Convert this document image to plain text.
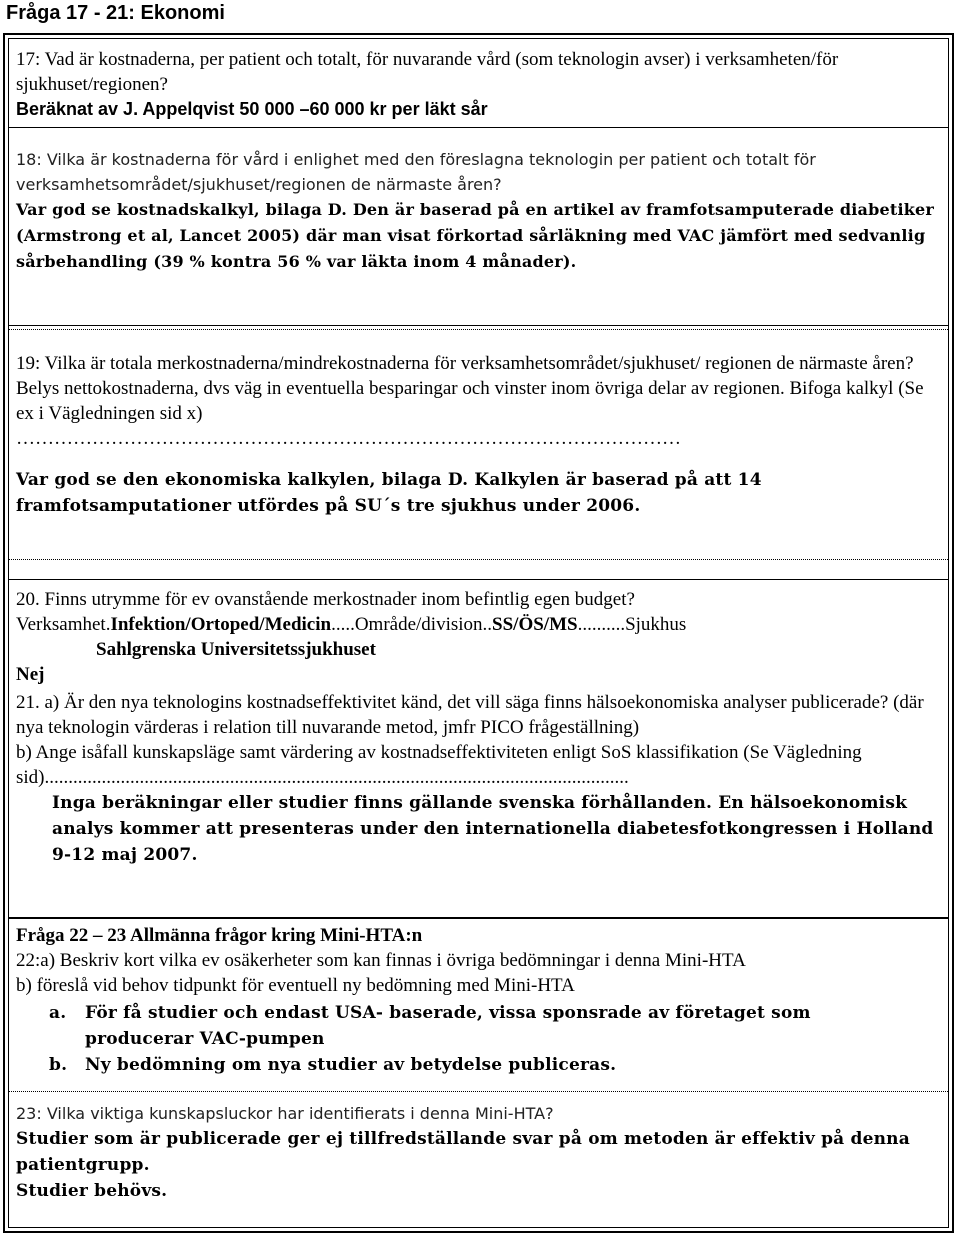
Fråga 17 - 21: Ekonomi

17: Vad är kostnaderna, per patient och totalt, för nuvarande vård (som teknologin avser) i verksamheten/för sjukhuset/regionen?

Beräknat av J. Appelqvist 50 000 –60 000 kr per läkt sår

18: Vilka är kostnaderna för vård i enlighet med den föreslagna teknologin per patient och totalt för verksamhetsområdet/sjukhuset/regionen de närmaste åren?

Var god se kostnadskalkyl, bilaga D. Den är baserad på en artikel av framfotsamputerade diabetiker (Armstrong et al, Lancet 2005) där man visat förkortad sårläkning med VAC jämfört med sedvanlig sårbehandling (39 % kontra 56 % var läkta inom 4 månader).

19: Vilka är totala merkostnaderna/mindrekostnaderna för verksamhetsområdet/sjukhuset/ regionen de närmaste åren? Belys nettokostnaderna, dvs väg in eventuella besparingar och vinster inom övriga delar av regionen. Bifoga kalkyl (Se ex i Vägledningen sid x)

……………………………………………………………………………………………

Var god se den ekonomiska kalkylen, bilaga D. Kalkylen är baserad på att 14 framfotsamputationer utfördes på SU´s tre sjukhus under 2006.

20. Finns utrymme för ev ovanstående merkostnader inom befintlig egen budget?

Verksamhet.Infektion/Ortoped/Medicin.....Område/division..SS/ÖS/MS..........Sjukhus

Sahlgrenska Universitetssjukhuset

Nej

21. a) Är den nya teknologins kostnadseffektivitet känd, det vill säga finns hälsoekonomiska analyser publicerade? (där nya teknologin värderas i relation till nuvarande metod, jmfr PICO frågeställning)

b) Ange isåfall kunskapsläge samt värdering av kostnadseffektiviteten enligt SoS klassifikation (Se Vägledning sid)...........................................................................................................................

Inga beräkningar eller studier finns gällande svenska förhållanden. En hälsoekonomisk analys kommer att presenteras under den internationella diabetesfotkongressen i Holland 9-12 maj 2007.

Fråga 22 – 23 Allmänna frågor kring Mini-HTA:n

22:a) Beskriv kort vilka ev osäkerheter som kan finnas i övriga bedömningar i denna Mini-HTA

b) föreslå vid behov tidpunkt för eventuell ny bedömning med Mini-HTA

a.	För få studier och endast USA- baserade, vissa sponsrade av företaget som producerar VAC-pumpen
b.	Ny bedömning om nya studier av betydelse publiceras.

23: Vilka viktiga kunskapsluckor har identifierats i denna Mini-HTA?

Studier som är publicerade ger ej tillfredställande svar på om metoden är effektiv på denna patientgrupp.

Studier behövs.
